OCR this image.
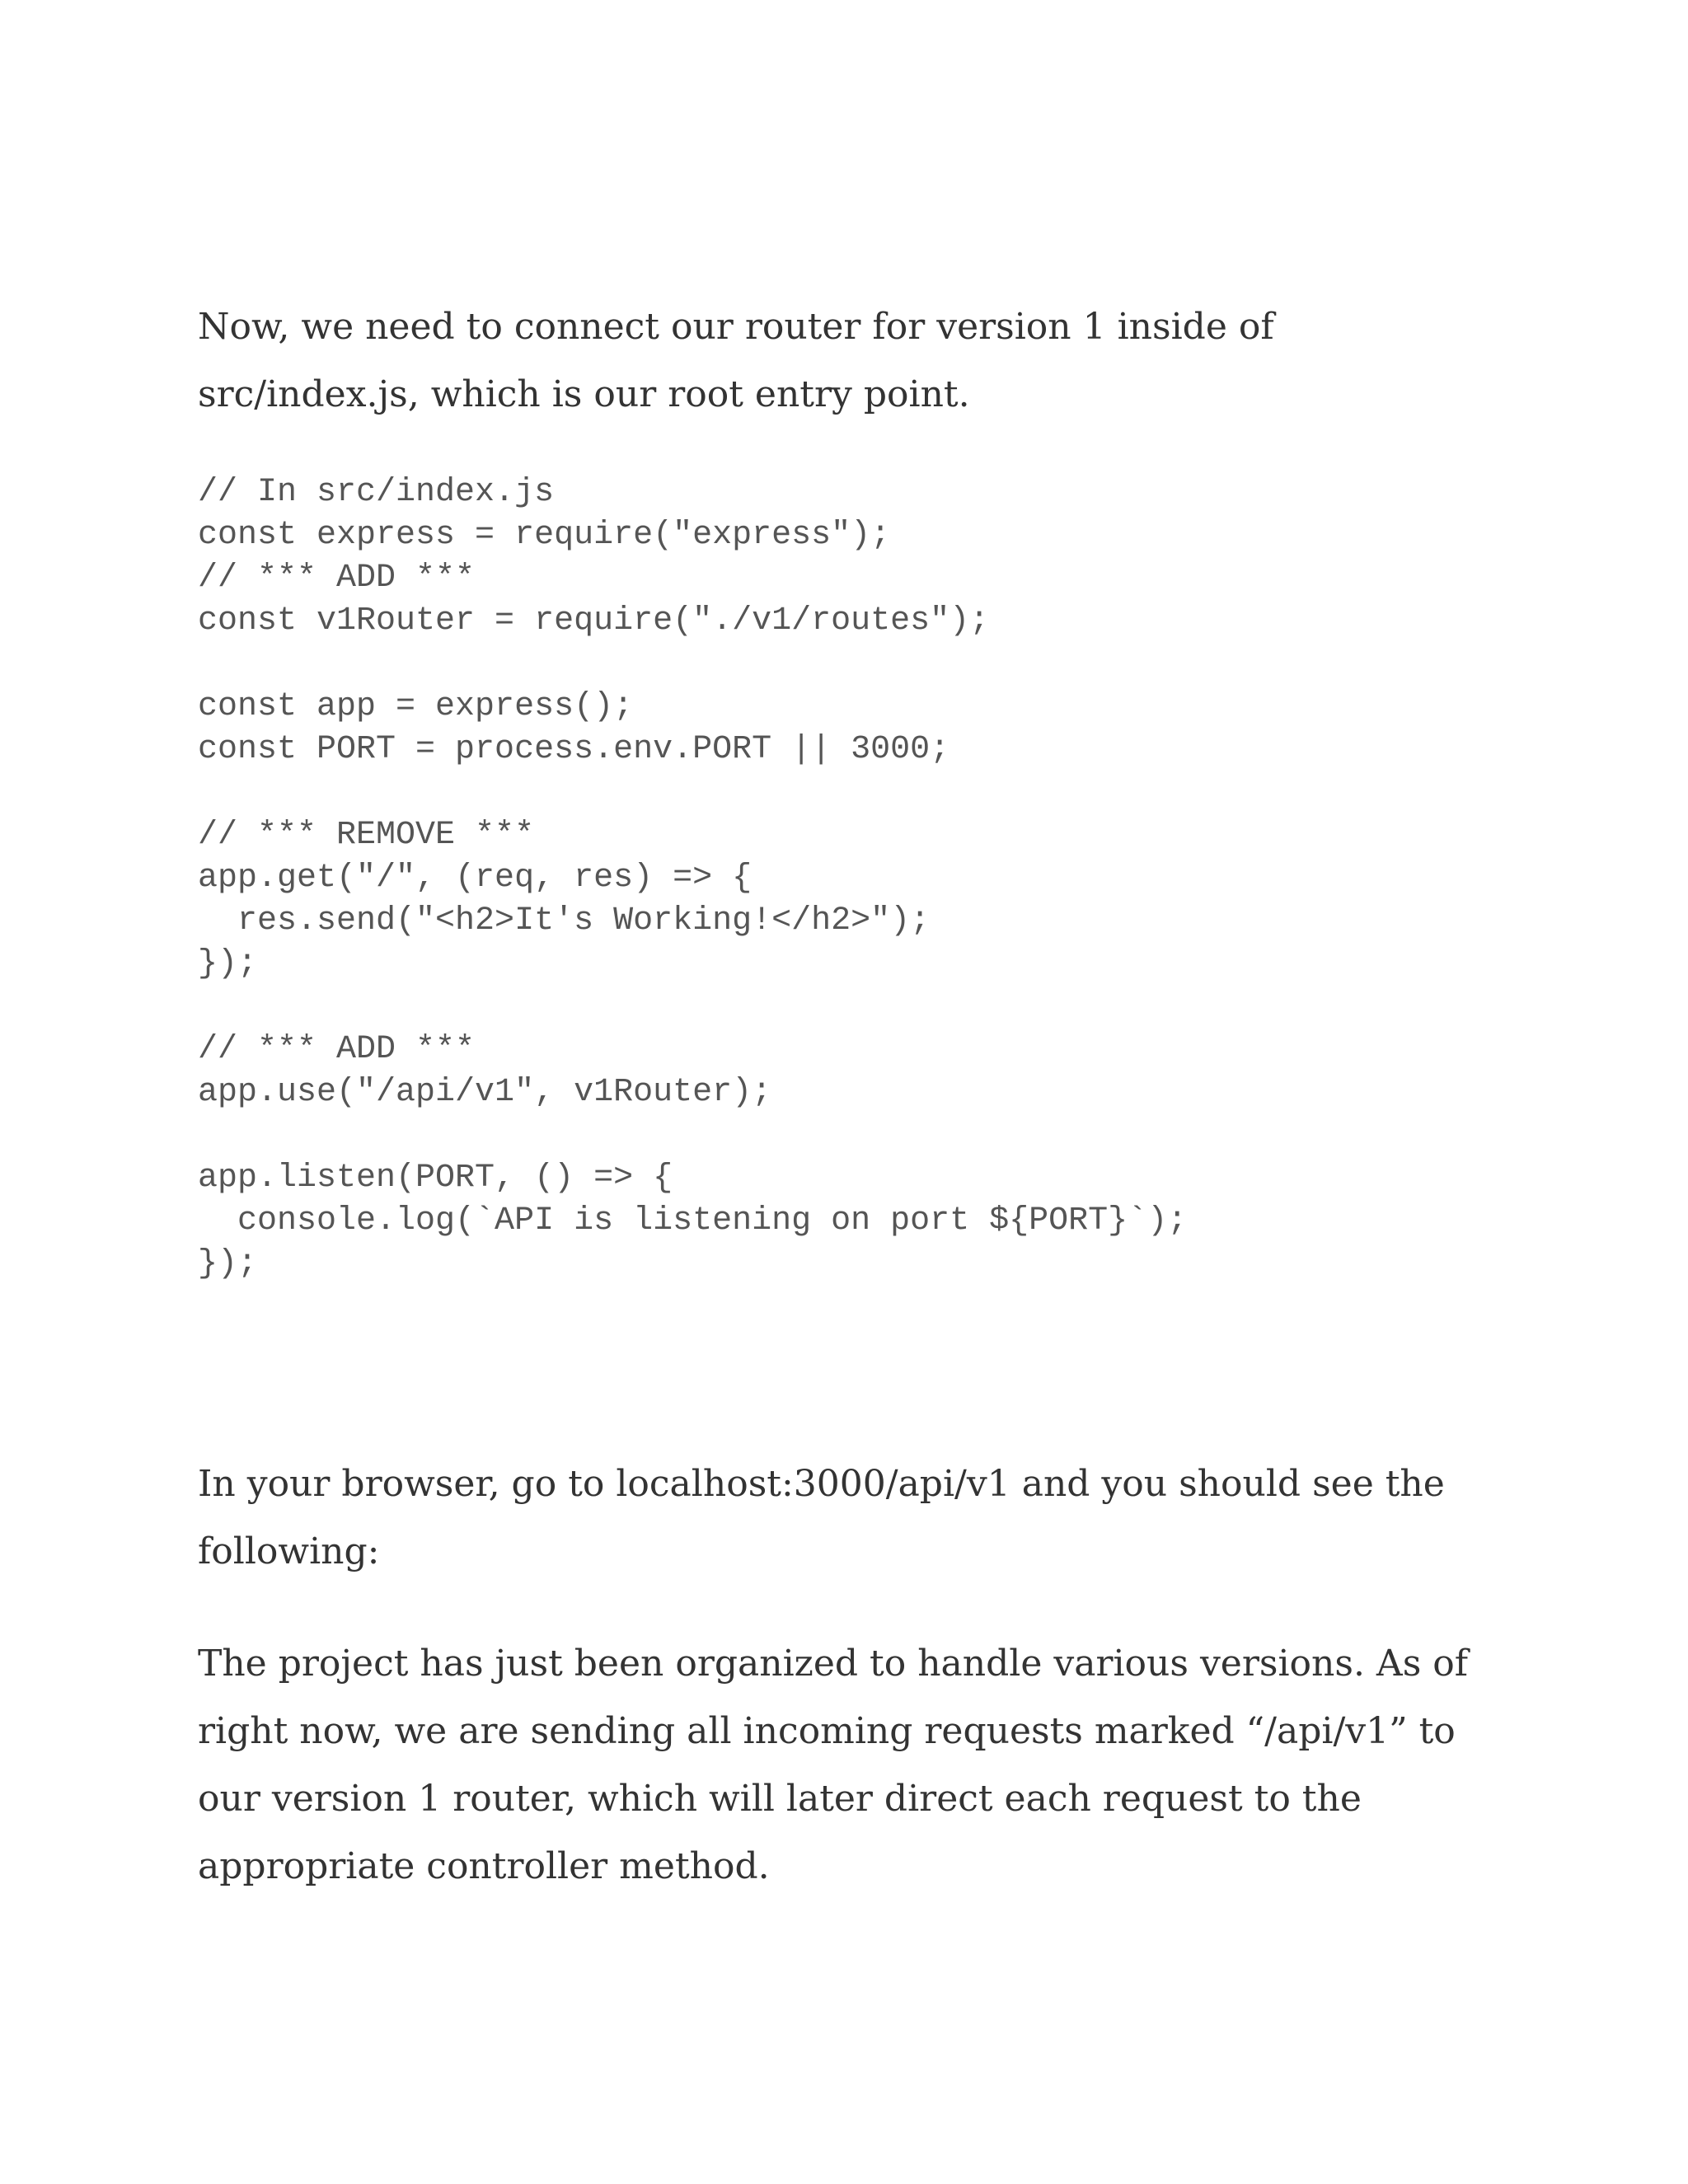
Now, we need to connect our router for version 1 inside of src/index.js, which is our root entry point.

// In src/index.js
const express = require("express");
// *** ADD ***
const v1Router = require("./v1/routes");
const app = express();
const PORT = process.env.PORT || 3000;
// *** REMOVE ***
app.get("/", (req, res) => {
res.send("<h2>It's Working!</h2>");
});
// *** ADD ***
app.use("/api/v1", v1Router);
app.listen(PORT, () => {
console.log(`API is listening on port ${PORT}`);
});

In your browser, go to localhost:3000/api/v1 and you should see the following:

The project has just been organized to handle various versions. As of right now, we are sending all incoming requests marked “/api/v1” to our version 1 router, which will later direct each request to the appropriate controller method.
